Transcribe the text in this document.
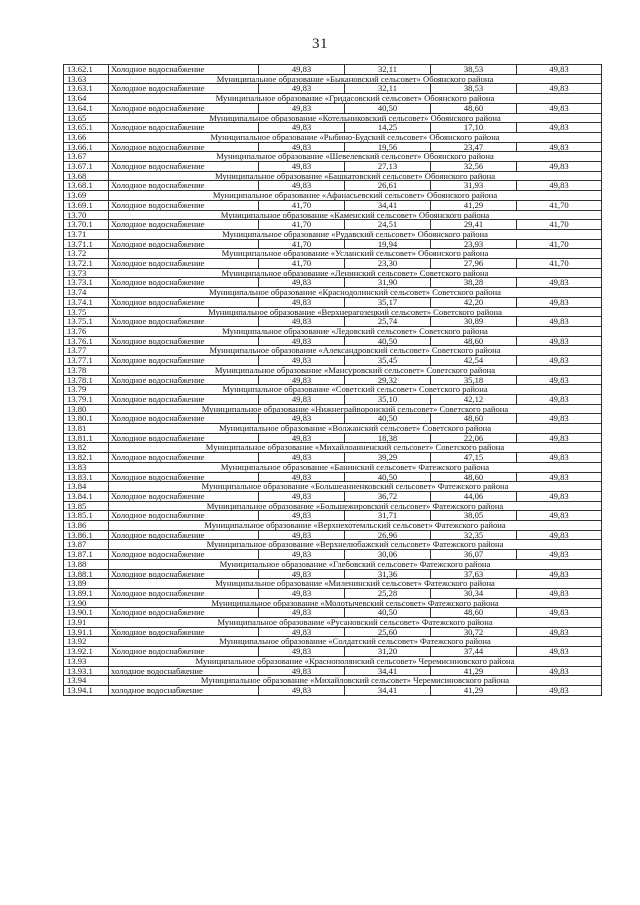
31
13.62.1	Холодное водоснабжение	49,83	32,11	38,53	49,83
13.63	Муниципальное образование «Быкановский сельсовет» Обоянского района				
13.63.1	Холодное водоснабжение	49,83	32,11	38,53	49,83
13.64	Муниципальное образование «Гридасовский сельсовет» Обоянского района				
13.64.1	Холодное водоснабжение	49,83	40,50	48,60	49,83
13.65	Муниципальное образование «Котельниковский сельсовет» Обоянского района				
13.65.1	Холодное водоснабжение	49,83	14,25	17,10	49,83
13.66	Муниципальное образование «Рыбино-Будский сельсовет» Обоянского района				
13.66.1	Холодное водоснабжение	49,83	19,56	23,47	49,83
13.67	Муниципальное образование «Шевелевский сельсовет» Обоянского района				
13.67.1	Холодное водоснабжение	49,83	27,13	32,56	49,83
13.68	Муниципальное образование «Башкатовский сельсовет» Обоянского района				
13.68.1	Холодное водоснабжение	49,83	26,61	31,93	49,83
13.69	Муниципальное образование «Афанасьевский сельсовет» Обоянского района				
13.69.1	Холодное водоснабжение	41,70	34,41	41,29	41,70
13.70	Муниципальное образование «Каменский сельсовет» Обоянского района				
13.70.1	Холодное водоснабжение	41,70	24,51	29,41	41,70
13.71	Муниципальное образование «Рудавский сельсовет» Обоянского района				
13.71.1	Холодное водоснабжение	41,70	19,94	23,93	41,70
13.72	Муниципальное образование «Усланский сельсовет» Обоянского района				
13.72.1	Холодное водоснабжение	41,70	23,30	27,96	41,70
13.73	Муниципальное образование «Ленинский сельсовет» Советского района				
13.73.1	Холодное водоснабжение	49,83	31,90	38,28	49,83
13.74	Муниципальное образование «Краснодолинский сельсовет» Советского района				
13.74.1	Холодное водоснабжение	49,83	35,17	42,20	49,83
13.75	Муниципальное образование «Верхнерагозецкий сельсовет» Советского района				
13.75.1	Холодное водоснабжение	49,83	25,74	30,89	49,83
13.76	Муниципальное образование «Ледовский сельсовет» Советского района				
13.76.1	Холодное водоснабжение	49,83	40,50	48,60	49,83
13.77	Муниципальное образование «Александровский сельсовет» Советского района				
13.77.1	Холодное водоснабжение	49,83	35,45	42,54	49,83
13.78	Муниципальное образование «Мансуровский сельсовет» Советского района				
13.78.1	Холодное водоснабжение	49,83	29,32	35,18	49,83
13.79	Муниципальное образование «Советский сельсовет» Советского района				
13.79.1	Холодное водоснабжение	49,83	35,10	42,12	49,83
13.80	Муниципальное образование «Нижнеграйворонский сельсовет» Советского района				
13.80.1	Холодное водоснабжение	49,83	40,50	48,60	49,83
13.81	Муниципальное образование «Волжанский сельсовет» Советского района				
13.81.1	Холодное водоснабжение	49,83	18,38	22,06	49,83
13.82	Муниципальное образование «Михайлоанненский сельсовет» Советского района				
13.82.1	Холодное водоснабжение	49,83	39,29	47,15	49,83
13.83	Муниципальное образование «Банинский сельсовет» Фатежского района				
13.83.1	Холодное водоснабжение	49,83	40,50	48,60	49,83
13.84	Муниципальное образование «Большеанненковский сельсовет» Фатежского района				
13.84.1	Холодное водоснабжение	49,83	36,72	44,06	49,83
13.85	Муниципальное образование «Большежировский сельсовет» Фатежского района				
13.85.1	Холодное водоснабжение	49,83	31,71	38,05	49,83
13.86	Муниципальное образование «Верхнехотемльский сельсовет» Фатежского района				
13.86.1	Холодное водоснабжение	49,83	26,96	32,35	49,83
13.87	Муниципальное образование «Верхнелюбажский сельсовет» Фатежского района				
13.87.1	Холодное водоснабжение	49,83	30,06	36,07	49,83
13.88	Муниципальное образование «Глебовский сельсовет» Фатежского района				
13.88.1	Холодное водоснабжение	49,83	31,36	37,63	49,83
13.89	Муниципальное образование «Миленинский сельсовет» Фатежского района				
13.89.1	Холодное водоснабжение	49,83	25,28	30,34	49,83
13.90	Муниципальное образование «Молотычевский сельсовет» Фатежского района				
13.90.1	Холодное водоснабжение	49,83	40,50	48,60	49,83
13.91	Муниципальное образование «Русановский сельсовет» Фатежского района				
13.91.1	Холодное водоснабжение	49,83	25,60	30,72	49,83
13.92	Муниципальное образование «Солдатский сельсовет» Фатежского района				
13.92.1	Холодное водоснабжение	49,83	31,20	37,44	49,83
13.93	Муниципальное образование «Краснополянский сельсовет» Черемисиновского района				
13.93.1	холодное водоснабжение	49,83	34,41	41,29	49,83
13.94	Муниципальное образование «Михайловский сельсовет» Черемисиновского района				
13.94.1	холодное водоснабжение	49,83	34,41	41,29	49,83
